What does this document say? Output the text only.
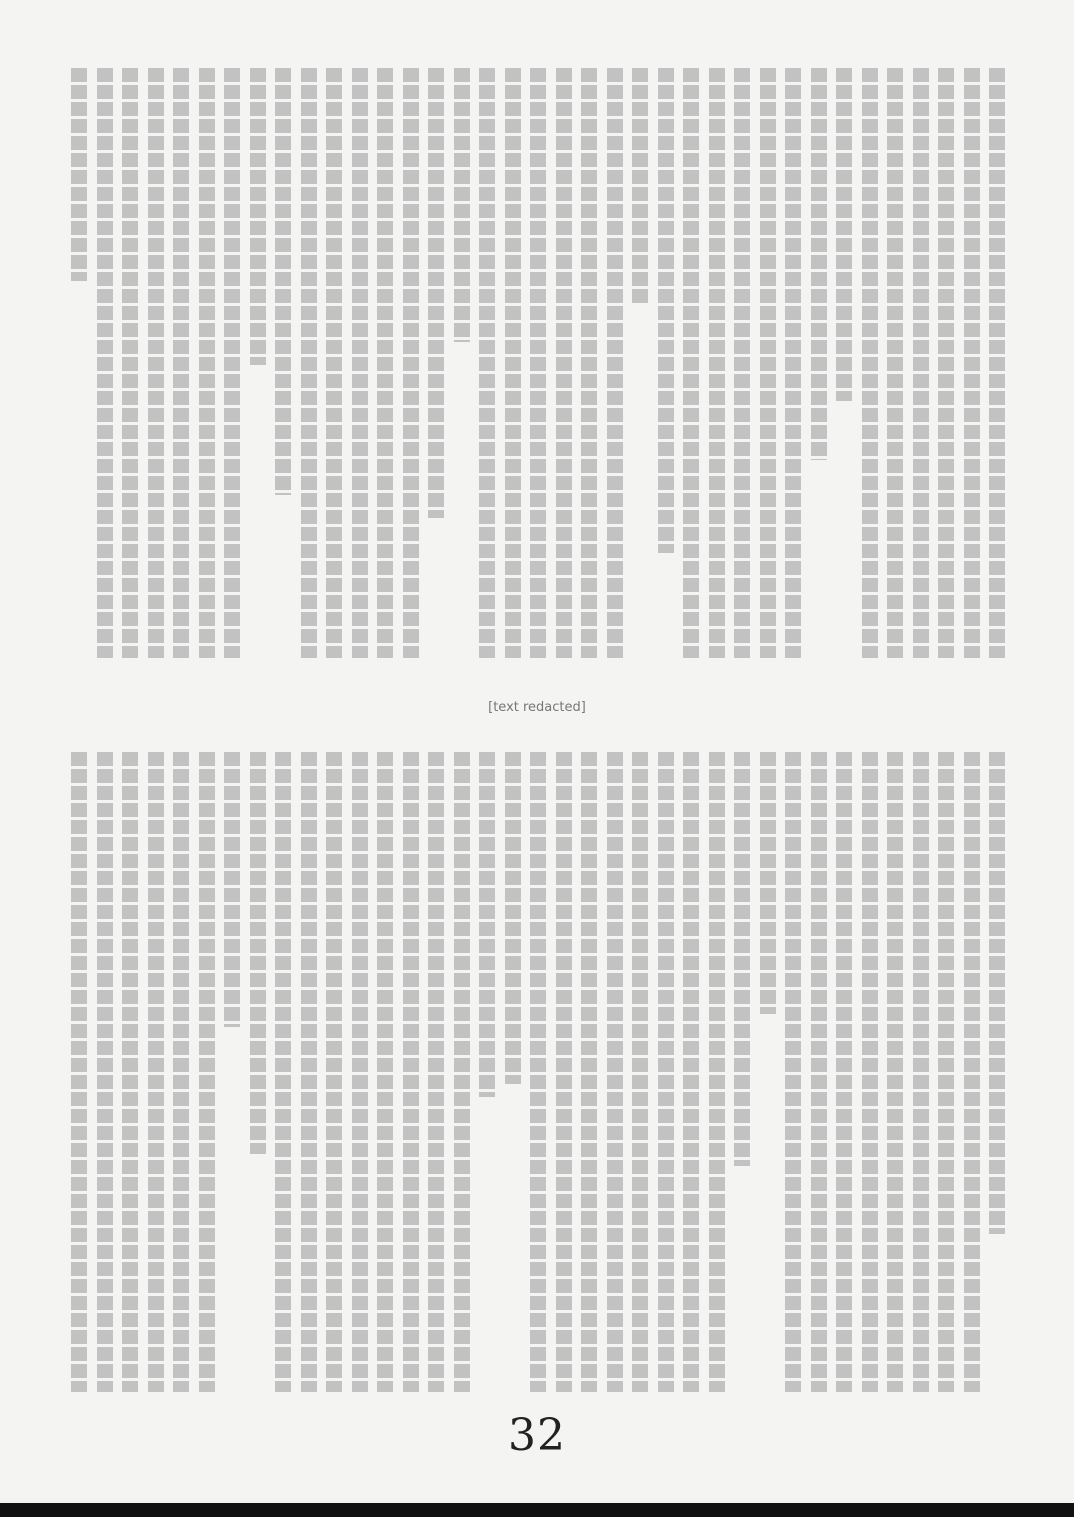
[text redacted]
32
